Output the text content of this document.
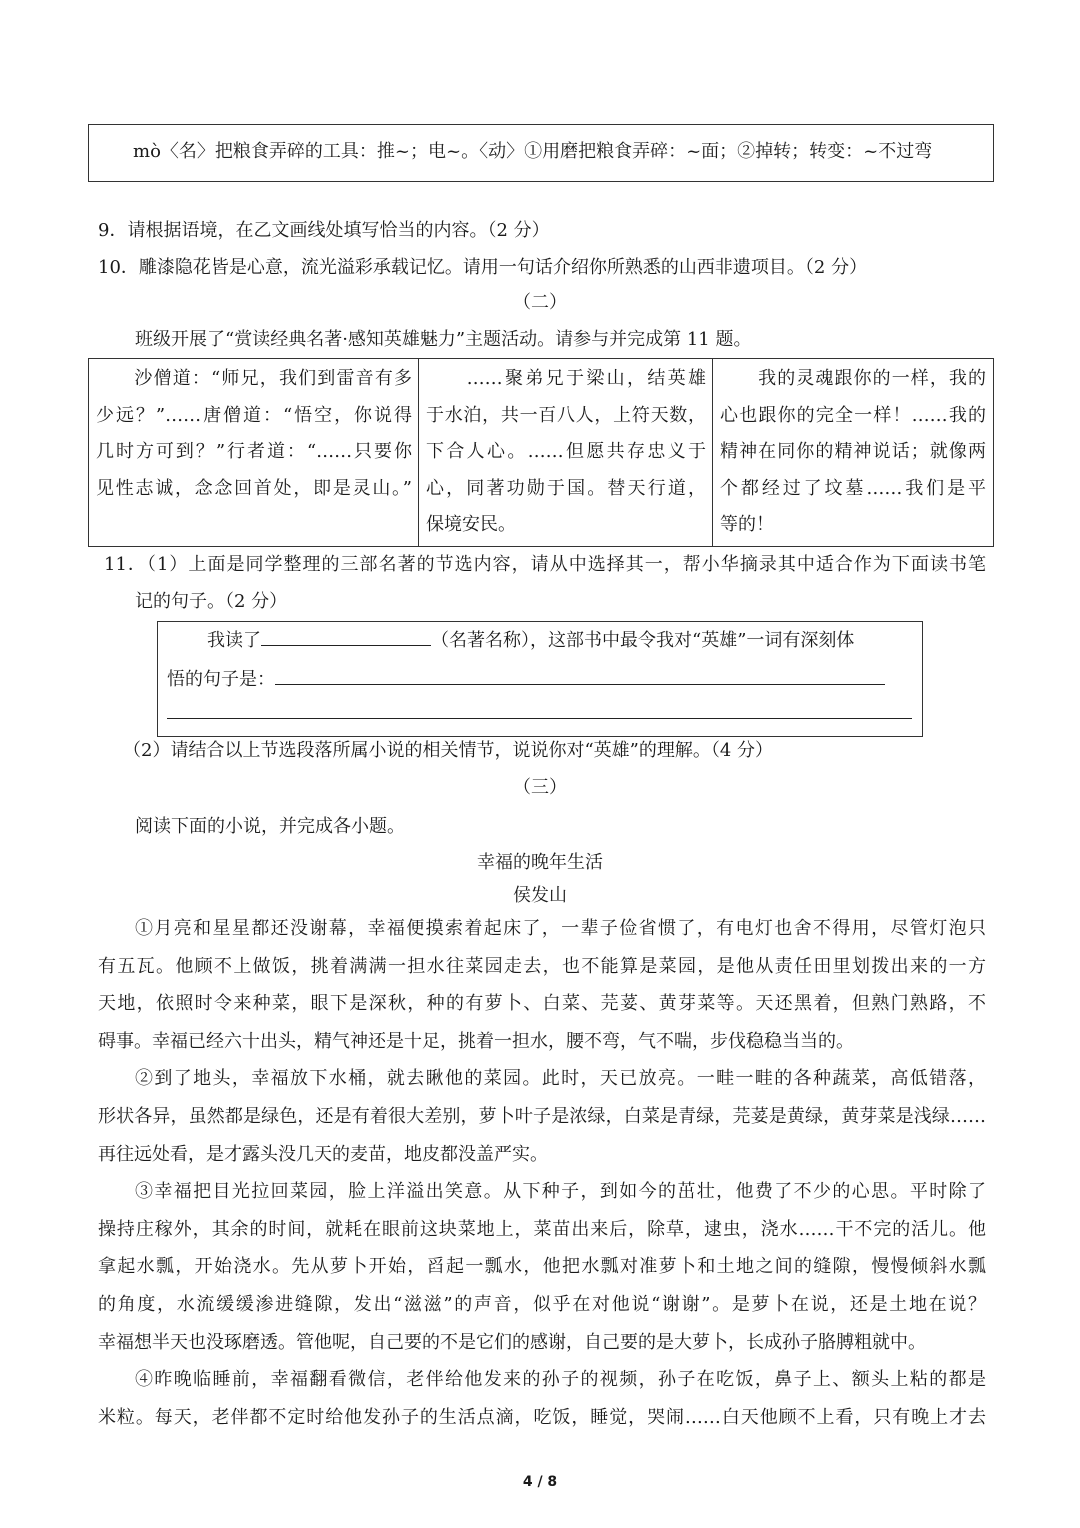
mò〈名〉把粮食弄碎的工具：推~；电~。〈动〉①用磨把粮食弄碎：~面；②掉转；转变：~不过弯
9．请根据语境，在乙文画线处填写恰当的内容。（2 分）
10．雕漆隐花皆是心意，流光溢彩承载记忆。请用一句话介绍你所熟悉的山西非遗项目。（2 分）
（二）
班级开展了“赏读经典名著·感知英雄魅力”主题活动。请参与并完成第 11 题。
　　沙僧道：“师兄，我们到雷音有多
少远？”……唐僧道：“悟空，你说得
几时方可到？”行者道：“……只要你
见性志诚，念念回首处，即是灵山。”
　　……聚弟兄于梁山，结英雄
于水泊，共一百八人，上符天数，
下合人心。……但愿共存忠义于
心，同著功勋于国。替天行道，
保境安民。
　　我的灵魂跟你的一样，我的
心也跟你的完全一样！……我的
精神在同你的精神说话；就像两
个都经过了坟墓……我们是平
等的！
11．（1）上面是同学整理的三部名著的节选内容，请从中选择其一，帮小华摘录其中适合作为下面读书笔
记的句子。（2 分）
我读了	（名著名称），这部书中最令我对“英雄”一词有深刻体
悟的句子是：
（2）请结合以上节选段落所属小说的相关情节，说说你对“英雄”的理解。（4 分）
（三）
阅读下面的小说，并完成各小题。
幸福的晚年生活
侯发山
①月亮和星星都还没谢幕，幸福便摸索着起床了，一辈子俭省惯了，有电灯也舍不得用，尽管灯泡只
有五瓦。他顾不上做饭，挑着满满一担水往菜园走去，也不能算是菜园，是他从责任田里划拨出来的一方
天地，依照时令来种菜，眼下是深秋，种的有萝卜、白菜、芫荽、黄芽菜等。天还黑着，但熟门熟路，不
碍事。幸福已经六十出头，精气神还是十足，挑着一担水，腰不弯，气不喘，步伐稳稳当当的。
②到了地头，幸福放下水桶，就去瞅他的菜园。此时，天已放亮。一畦一畦的各种蔬菜，高低错落，
形状各异，虽然都是绿色，还是有着很大差别，萝卜叶子是浓绿，白菜是青绿，芫荽是黄绿，黄芽菜是浅绿……
再往远处看，是才露头没几天的麦苗，地皮都没盖严实。
③幸福把目光拉回菜园，脸上洋溢出笑意。从下种子，到如今的茁壮，他费了不少的心思。平时除了
操持庄稼外，其余的时间，就耗在眼前这块菜地上，菜苗出来后，除草，逮虫，浇水……干不完的活儿。他
拿起水瓢，开始浇水。先从萝卜开始，舀起一瓢水，他把水瓢对准萝卜和土地之间的缝隙，慢慢倾斜水瓢
的角度，水流缓缓渗进缝隙，发出“滋滋”的声音，似乎在对他说“谢谢”。是萝卜在说，还是土地在说？
幸福想半天也没琢磨透。管他呢，自己要的不是它们的感谢，自己要的是大萝卜，长成孙子胳膊粗就中。
④昨晚临睡前，幸福翻看微信，老伴给他发来的孙子的视频，孙子在吃饭，鼻子上、额头上粘的都是
米粒。每天，老伴都不定时给他发孙子的生活点滴，吃饭，睡觉，哭闹……白天他顾不上看，只有晚上才去
4 / 8
